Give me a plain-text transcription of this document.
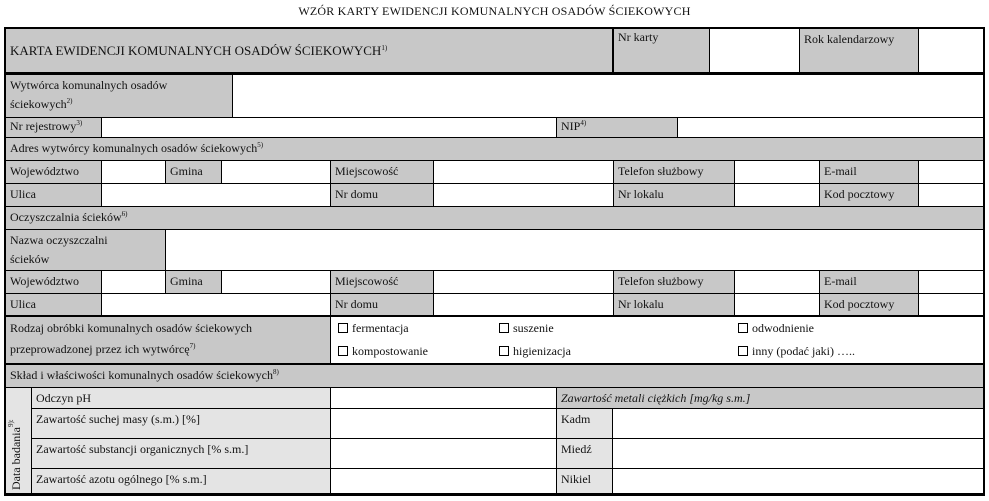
WZÓR KARTY EWIDENCJI KOMUNALNYCH OSADÓW ŚCIEKOWYCH
KARTA EWIDENCJI KOMUNALNYCH OSADÓW ŚCIEKOWYCH$^{1)}$
Nr karty	Rok kalendarzowy
Wytwórca komunalnych osadów ściekowych$^{2)}$
Nr rejestrowy$^{3)}$	NIP$^{4)}$
Adres wytwórcy komunalnych osadów ściekowych$^{5)}$
Województwo	Gmina	Miejscowość	Telefon służbowy	E-mail
Ulica	Nr domu	Nr lokalu	Kod pocztowy
Oczyszczalnia ścieków$^{6)}$
Nazwa oczyszczalni ścieków
Województwo	Gmina	Miejscowość	Telefon służbowy	E-mail
Ulica	Nr domu	Nr lokalu	Kod pocztowy
Rodzaj obróbki komunalnych osadów ściekowych
przeprowadzonej przez ich wytwórcę$^{7)}$
fermentacja	suszenie	odwodnienie
kompostowanie	higienizacja	inny (podać jaki) …..
Skład i właściwości komunalnych osadów ściekowych$^{8)}$
Data badania$^{9):}$
Odczyn pH	Zawartość metali ciężkich [mg/kg s.m.]
Zawartość suchej masy (s.m.) [%]	Kadm
Zawartość substancji organicznych [% s.m.]	Miedź
Zawartość azotu ogólnego [% s.m.]	Nikiel
